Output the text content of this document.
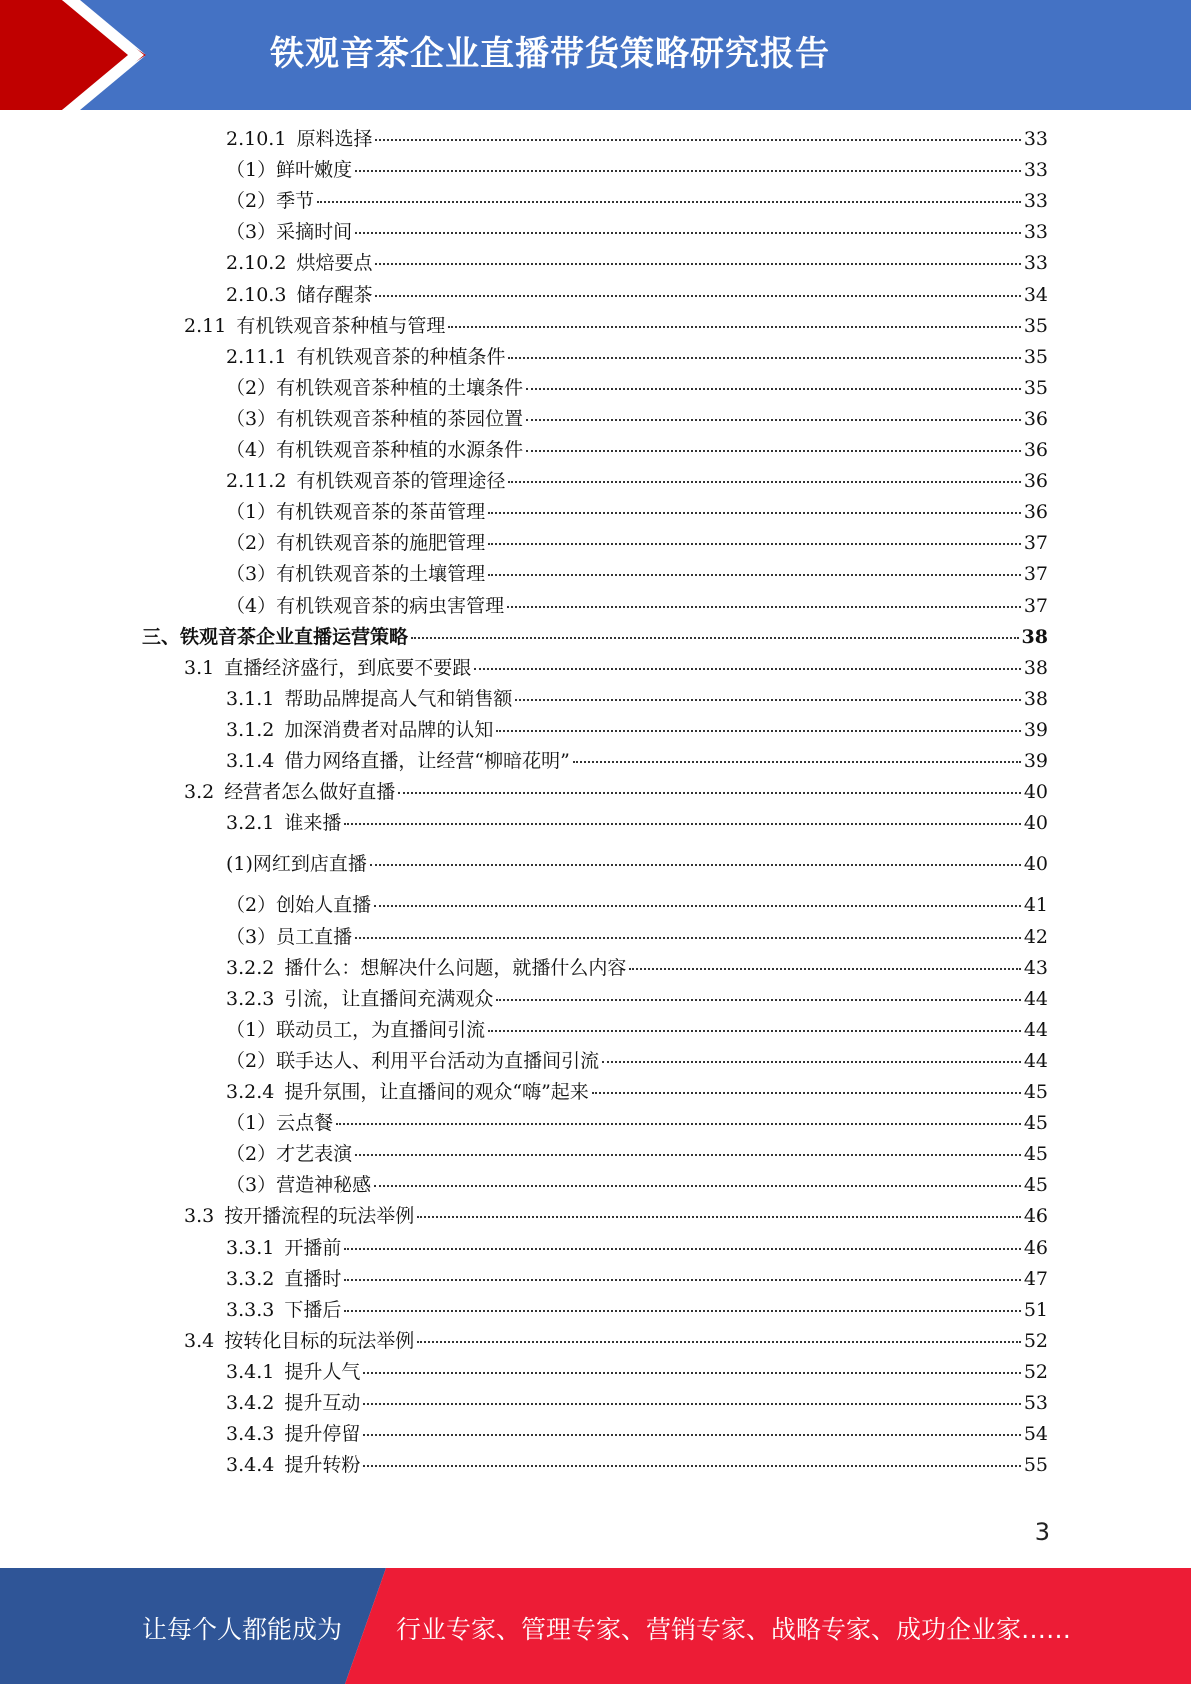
铁观音茶企业直播带货策略研究报告
2.10.1 原料选择	33
（1） 鲜叶嫩度	33
（2） 季节	33
（3） 采摘时间	33
2.10.2 烘焙要点	33
2.10.3 储存醒茶	34
2.11 有机铁观音茶种植与管理	35
2.11.1 有机铁观音茶的种植条件	35
（2） 有机铁观音茶种植的土壤条件	35
（3） 有机铁观音茶种植的茶园位置	36
（4） 有机铁观音茶种植的水源条件	36
2.11.2 有机铁观音茶的管理途径	36
（1） 有机铁观音茶的茶苗管理	36
（2） 有机铁观音茶的施肥管理	37
（3） 有机铁观音茶的土壤管理	37
（4） 有机铁观音茶的病虫害管理	37
三、 铁观音茶企业直播运营策略	38
3.1 直播经济盛行，到底要不要跟	38
3.1.1 帮助品牌提高人气和销售额	38
3.1.2 加深消费者对品牌的认知	39
3.1.4 借力网络直播，让经营“柳暗花明”	39
3.2 经营者怎么做好直播	40
3.2.1 谁来播	40
(1) 网红到店直播	40
（2） 创始人直播	41
（3） 员工直播	42
3.2.2 播什么：想解决什么问题，就播什么内容	43
3.2.3 引流，让直播间充满观众	44
（1） 联动员工，为直播间引流	44
（2） 联手达人、利用平台活动为直播间引流	44
3.2.4 提升氛围，让直播间的观众“嗨”起来	45
（1） 云点餐	45
（2） 才艺表演	45
（3） 营造神秘感	45
3.3 按开播流程的玩法举例	46
3.3.1 开播前	46
3.3.2 直播时	47
3.3.3 下播后	51
3.4 按转化目标的玩法举例	52
3.4.1 提升人气	52
3.4.2 提升互动	53
3.4.3 提升停留	54
3.4.4 提升转粉	55
3
让每个人都能成为 行业专家、管理专家、营销专家、战略专家、成功企业家……
